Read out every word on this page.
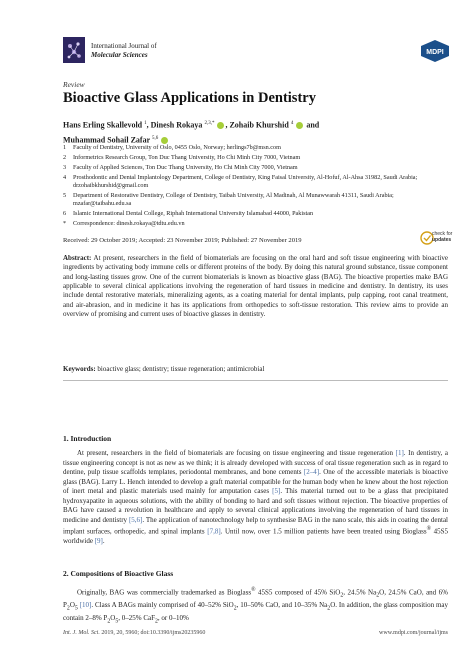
International Journal of
Molecular Sciences	MDPI
Review
Bioactive Glass Applications in Dentistry
Hans Erling Skallevold $^1$, Dinesh Rokaya $^{2,3,*}$ , Zohaib Khurshid $^4$ and
Muhammad Sohail Zafar $^{5,6}$
1	Faculty of Dentistry, University of Oslo, 0455 Oslo, Norway; herlings7b@msn.com
2	Informetrics Research Group, Ton Duc Thang University, Ho Chi Minh City 7000, Vietnam
3	Faculty of Applied Sciences, Ton Duc Thang University, Ho Chi Minh City 7000, Vietnam
4	Prosthodontic and Dental Implantology Department, College of Dentistry, King Faisal University, Al-Hofuf, Al-Ahsa 31982, Saudi Arabia; drzohaibkhurshid@gmail.com
5	Department of Restorative Dentistry, College of Dentistry, Taibah University, Al Madinah, Al Munawwarah 41311, Saudi Arabia; mzafar@taibahu.edu.sa
6	Islamic International Dental College, Riphah International University Islamabad 44000, Pakistan
*	Correspondence: dinesh.rokaya@tdtu.edu.vn
Received: 29 October 2019; Accepted: 23 November 2019; Published: 27 November 2019
check for
updates
Abstract: At present, researchers in the field of biomaterials are focusing on the oral hard and soft tissue engineering with bioactive ingredients by activating body immune cells or different proteins of the body. By doing this natural ground substance, tissue component and long-lasting tissues grow. One of the current biomaterials is known as bioactive glass (BAG). The bioactive properties make BAG applicable to several clinical applications involving the regeneration of hard tissues in medicine and dentistry. In dentistry, its uses include dental restorative materials, mineralizing agents, as a coating material for dental implants, pulp capping, root canal treatment, and air-abrasion, and in medicine it has its applications from orthopedics to soft-tissue restoration. This review aims to provide an overview of promising and current uses of bioactive glasses in dentistry.
Keywords: bioactive glass; dentistry; tissue regeneration; antimicrobial
1. Introduction
At present, researchers in the field of biomaterials are focusing on tissue engineering and tissue regeneration [1]. In dentistry, a tissue engineering concept is not as new as we think; it is already developed with success of oral tissue regeneration such as in regard to dentine, pulp tissue scaffolds templates, periodontal membranes, and bone cements [2–4]. One of the accessible materials is bioactive glass (BAG). Larry L. Hench intended to develop a graft material compatible for the human body when he knew about the host rejection of inert metal and plastic materials used mainly for amputation cases [5]. This material turned out to be a glass that precipitated hydroxyapatite in aqueous solutions, with the ability of bonding to hard and soft tissues without rejection. The bioactive properties of BAG have caused a revolution in healthcare and apply to several clinical applications involving the regeneration of hard tissues in medicine and dentistry [5,6]. The application of nanotechnology help to synthesise BAG in the nano scale, this aids in coating the dental implant surfaces, orthopedic, and spinal implants [7,8]. Until now, over 1.5 million patients have been treated using Bioglass® 45S5 worldwide [9].
2. Compositions of Bioactive Glass
Originally, BAG was commercially trademarked as Bioglass® 45S5 composed of 45% SiO$_2$, 24.5% $Na_2O$, 24.5% CaO, and 6% $P_2O_5$ [10]. Class A BAGs mainly comprised of 40–52% SiO$_2$, 10–50% CaO, and 10–35% $Na_2O$. In addition, the glass composition may contain 2–8% $P_2O_5$, 0–25% CaF$_2$, or 0–10%
Int. J. Mol. Sci. 2019, 20, 5960; doi:10.3390/ijms20235960	www.mdpi.com/journal/ijms
